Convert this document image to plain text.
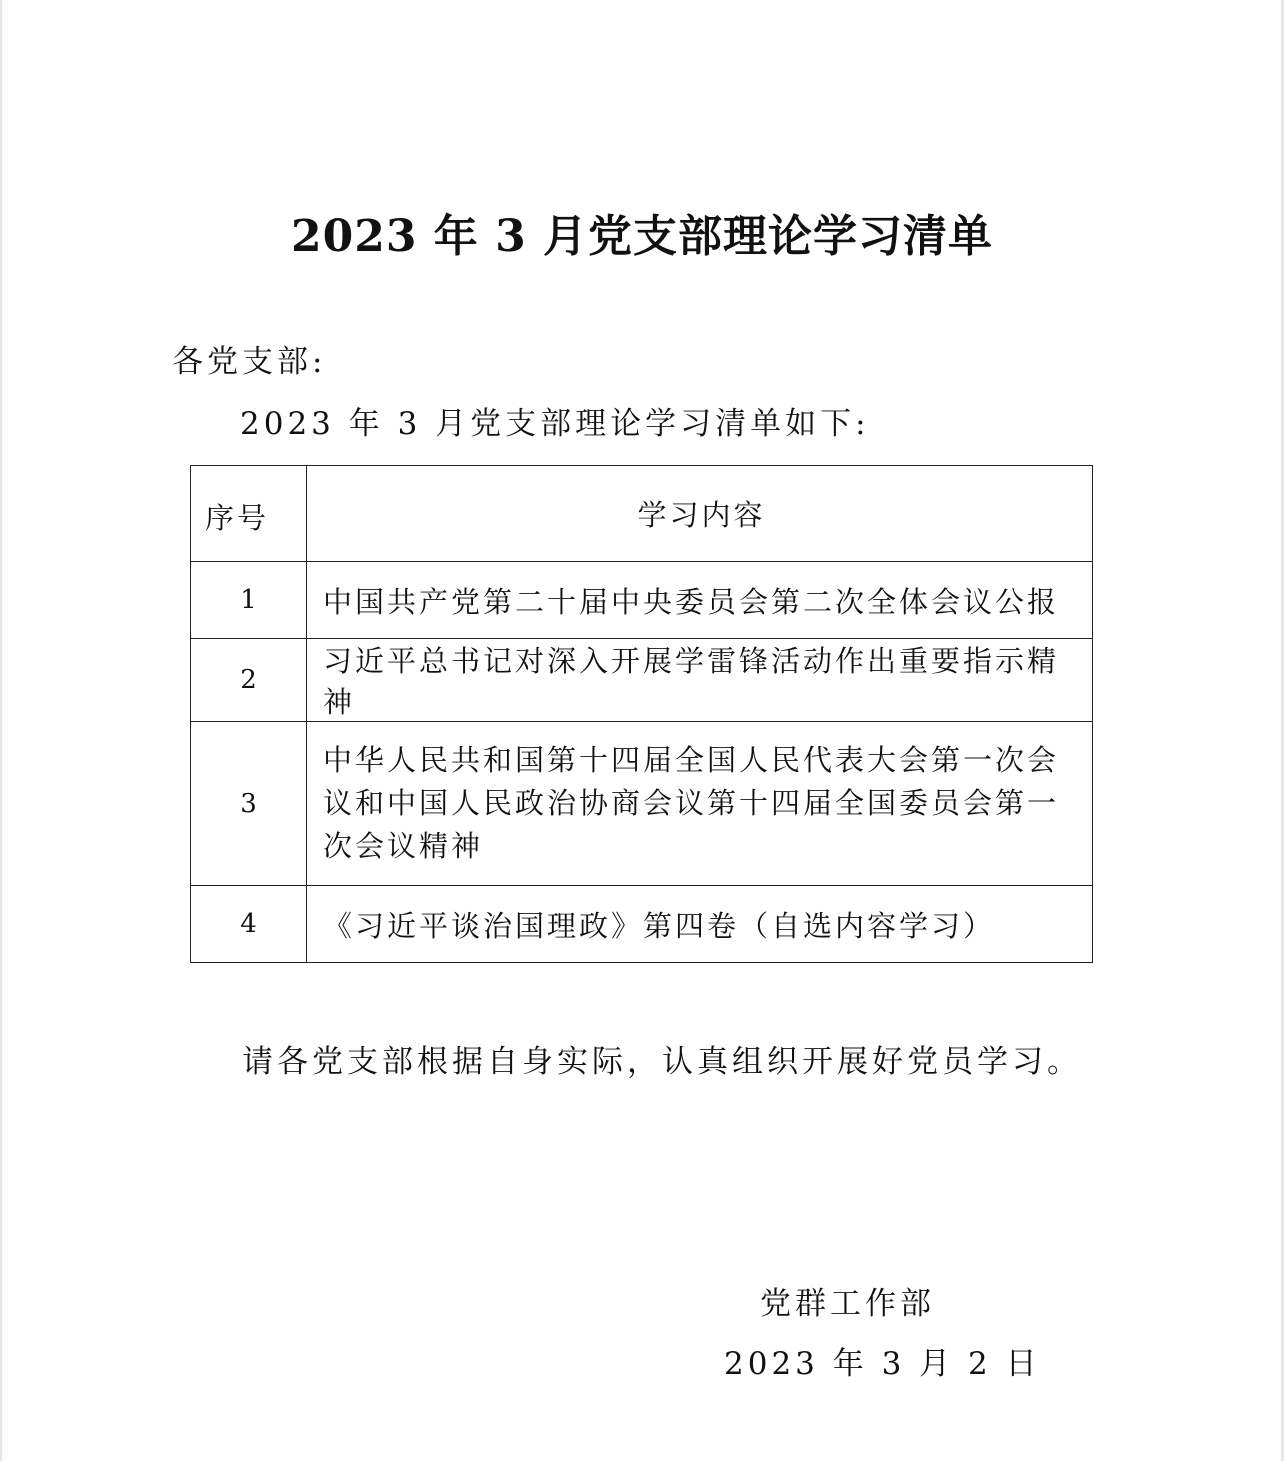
2023 年 3 月党支部理论学习清单
各党支部:
2023 年 3 月党支部理论学习清单如下:
序号	学习内容
1	中国共产党第二十届中央委员会第二次全体会议公报
2	习近平总书记对深入开展学雷锋活动作出重要指示精神
3	中华人民共和国第十四届全国人民代表大会第一次会议和中国人民政治协商会议第十四届全国委员会第一次会议精神
4	《习近平谈治国理政》第四卷（自选内容学习）
请各党支部根据自身实际，认真组织开展好党员学习。
党群工作部
2023 年 3 月 2 日
